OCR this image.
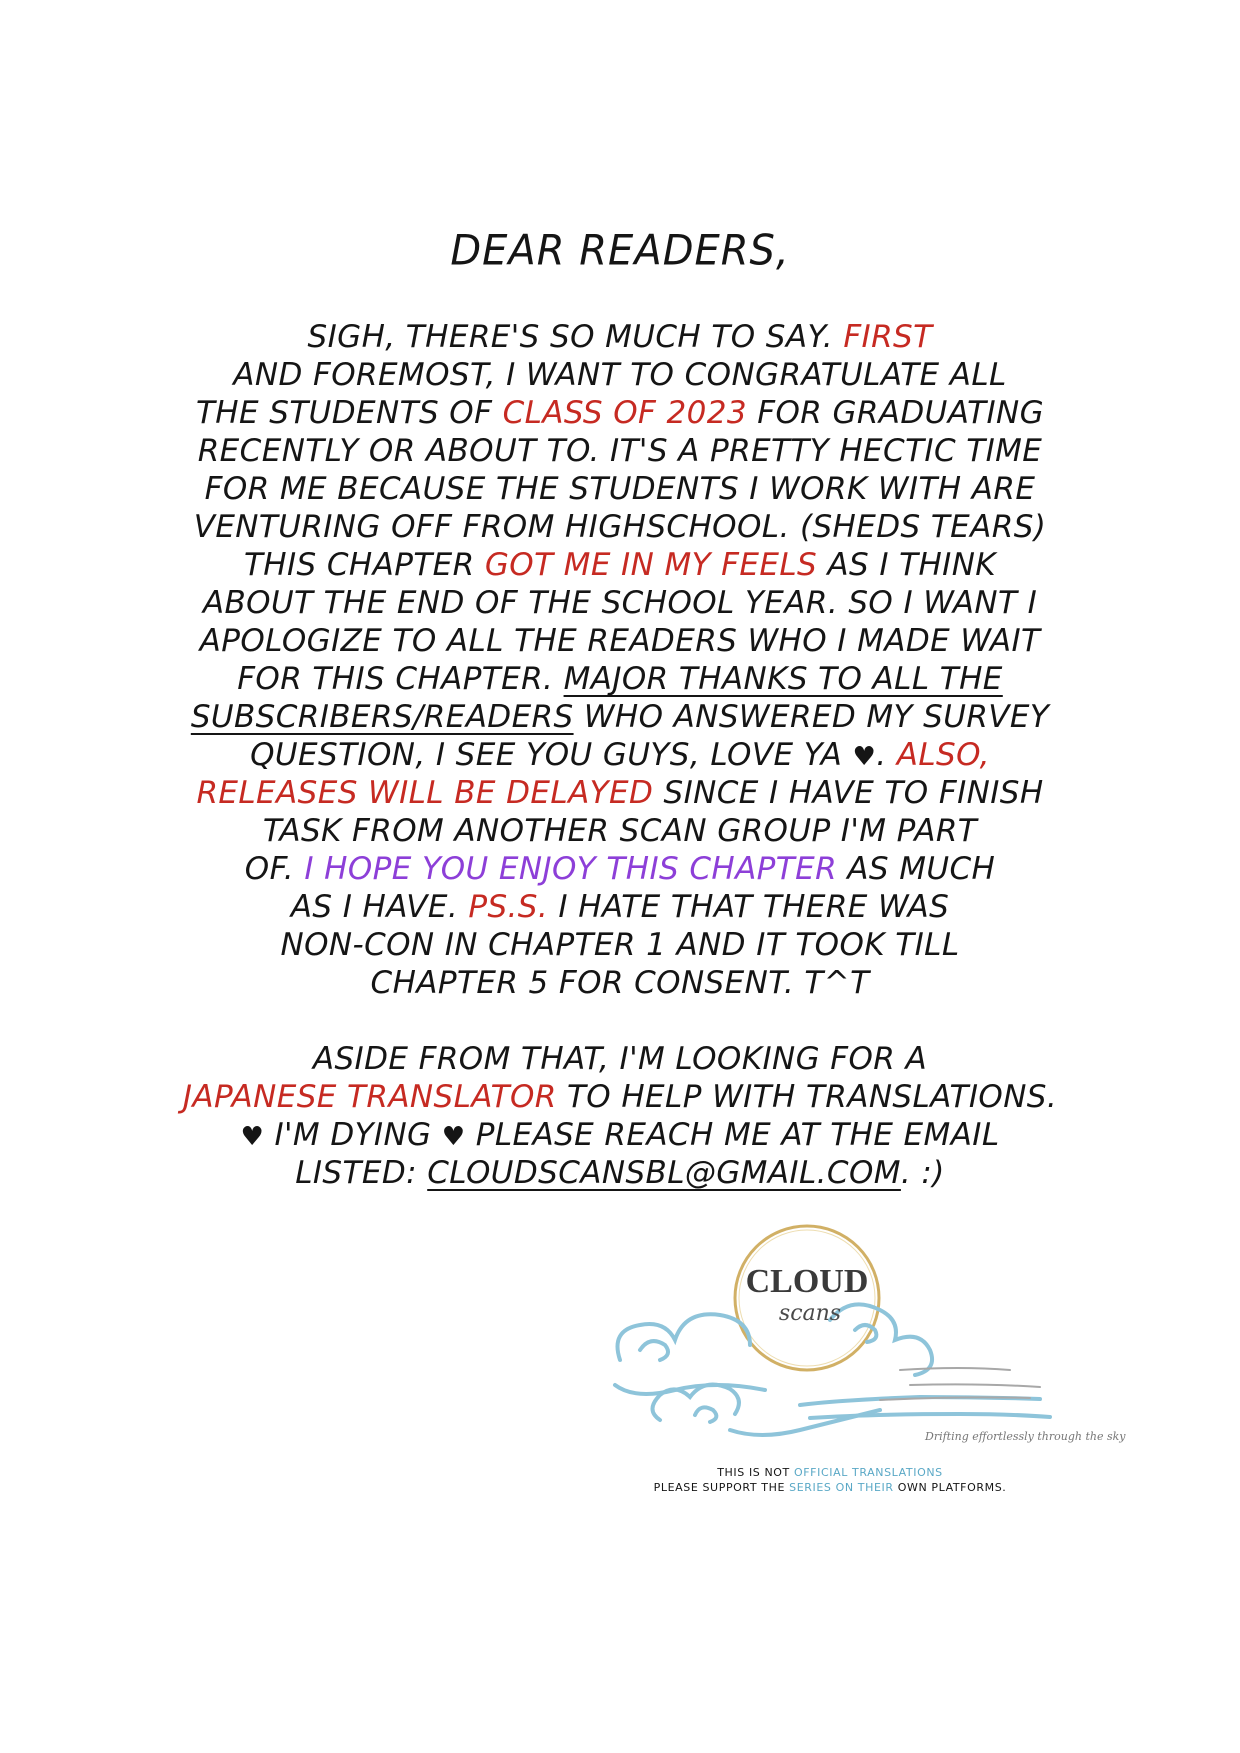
DEAR READERS,
SIGH, THERE'S SO MUCH TO SAY. FIRST
AND FOREMOST, I WANT TO CONGRATULATE ALL
THE STUDENTS OF CLASS OF 2023 FOR GRADUATING
RECENTLY OR ABOUT TO. IT'S A PRETTY HECTIC TIME
FOR ME BECAUSE THE STUDENTS I WORK WITH ARE
VENTURING OFF FROM HIGHSCHOOL. (SHEDS TEARS)
THIS CHAPTER GOT ME IN MY FEELS AS I THINK
ABOUT THE END OF THE SCHOOL YEAR. SO I WANT I
APOLOGIZE TO ALL THE READERS WHO I MADE WAIT
FOR THIS CHAPTER. MAJOR THANKS TO ALL THE
SUBSCRIBERS/READERS WHO ANSWERED MY SURVEY
QUESTION, I SEE YOU GUYS, LOVE YA ♥. ALSO,
RELEASES WILL BE DELAYED SINCE I HAVE TO FINISH
TASK FROM ANOTHER SCAN GROUP I'M PART
OF. I HOPE YOU ENJOY THIS CHAPTER AS MUCH
AS I HAVE. PS.S. I HATE THAT THERE WAS
NON-CON IN CHAPTER 1 AND IT TOOK TILL
CHAPTER 5 FOR CONSENT. T^T
ASIDE FROM THAT, I'M LOOKING FOR A
JAPANESE TRANSLATOR TO HELP WITH TRANSLATIONS.
♥ I'M DYING ♥ PLEASE REACH ME AT THE EMAIL
LISTED: CLOUDSCANSBL@GMAIL.COM. :)
CLOUD
scans
Drifting effortlessly through the sky
THIS IS NOT OFFICIAL TRANSLATIONS
PLEASE SUPPORT THE SERIES ON THEIR OWN PLATFORMS.
